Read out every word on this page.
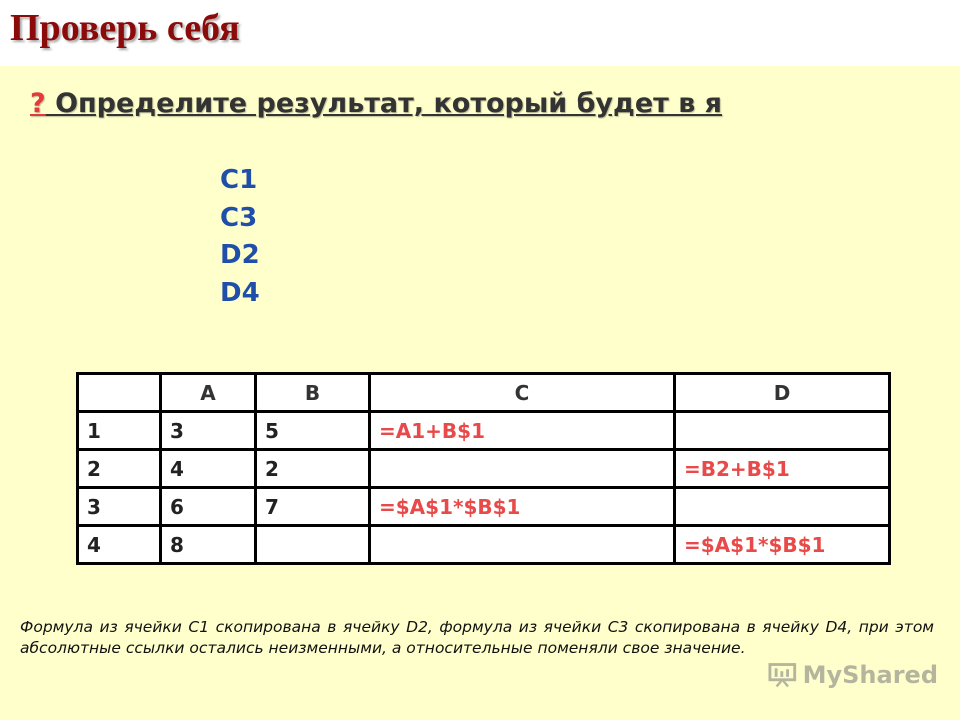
Проверь себя
? Определите результат, который будет в я
C1
C3
D2
D4
	A	B	C	D
1	3	5	=A1+B$1	
2	4	2		=B2+B$1
3	6	7	=$A$1*$B$1	
4	8			=$A$1*$B$1

Формула из ячейки С1 скопирована в ячейку D2, формула из ячейки С3 скопирована в ячейку D4, при этом абсолютные ссылки остались неизменными, а относительные поменяли свое значение.

MyShared
